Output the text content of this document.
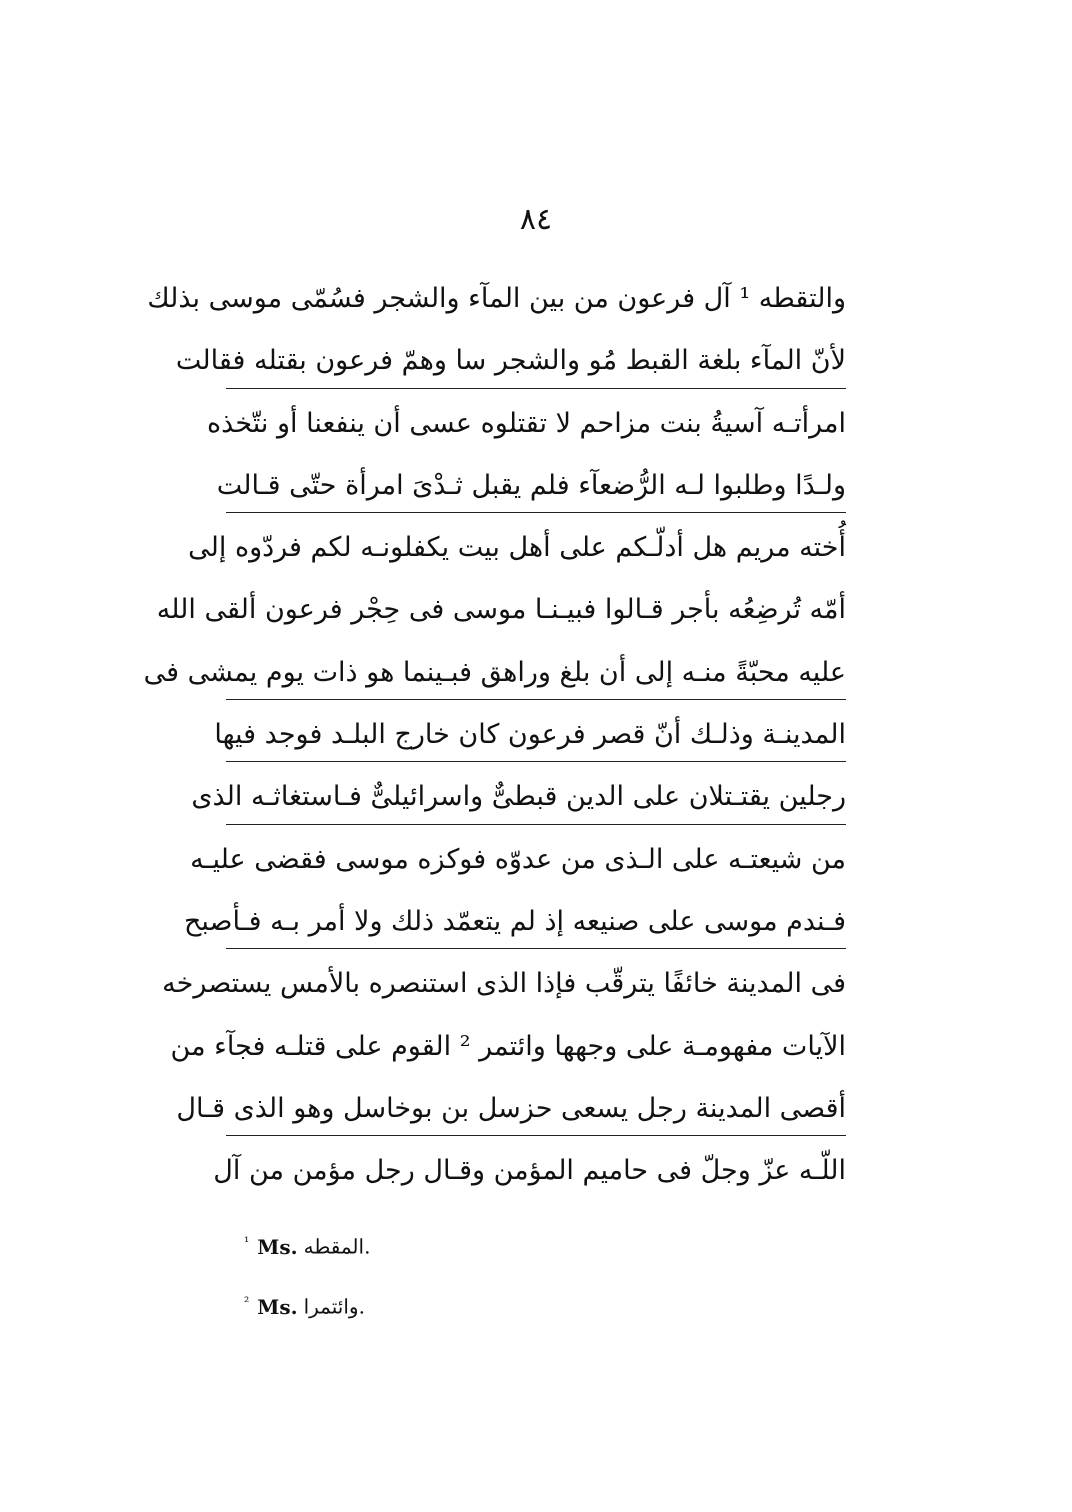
٨٤
والتقطه ¹ آل فرعون من بين المآء والشجر فسُمّى موسى بذلك
لأنّ المآء بلغة القبط مُو والشجر سا وهمّ فرعون بقتله فقالت
امرأتـه آسيةُ بنت مزاحم لا تقتلوه عسى أن ينفعنا أو نتّخذه
ولـدًا وطلبوا لـه الرُّضعآء فلم يقبل ثـدْىَ امرأة حتّى قـالت
أُخته مريم هل أدلّـكم على أهل بيت يكفلونـه لكم فردّوه إلى
أمّه تُرضِعُه بأجر قـالوا فبيـنـا موسى فى حِجْر فرعون ألقى الله
عليه محبّةً منـه إلى أن بلغ وراهق فبـينما هو ذات يوم يمشى فى
المدينـة وذلـك أنّ قصر فرعون كان خارج البلـد فوجد فيها
رجلين يقتـتلان على الدين قبطىٌّ واسرائيلىٌّ فـاستغاثـه الذى
من شيعتـه على الـذى من عدوّه فوكزه موسى فقضى عليـه
فـندم موسى على صنيعه إذ لم يتعمّد ذلك ولا أمر بـه فـأصبح
فى المدينة خائفًا يترقّب فإذا الذى استنصره بالأمس يستصرخه
الآيات مفهومـة على وجهها وائتمر ² القوم على قتلـه فجآء من
أقصى المدينة رجل يسعى حزسل بن بوخاسل وهو الذى قـال
اللّـه عزّ وجلّ فى حاميم المؤمن وقـال رجل مؤمن من آل
$^{^1}$ Ms. المقطه.
$^{^2}$ Ms. وائتمرا.
